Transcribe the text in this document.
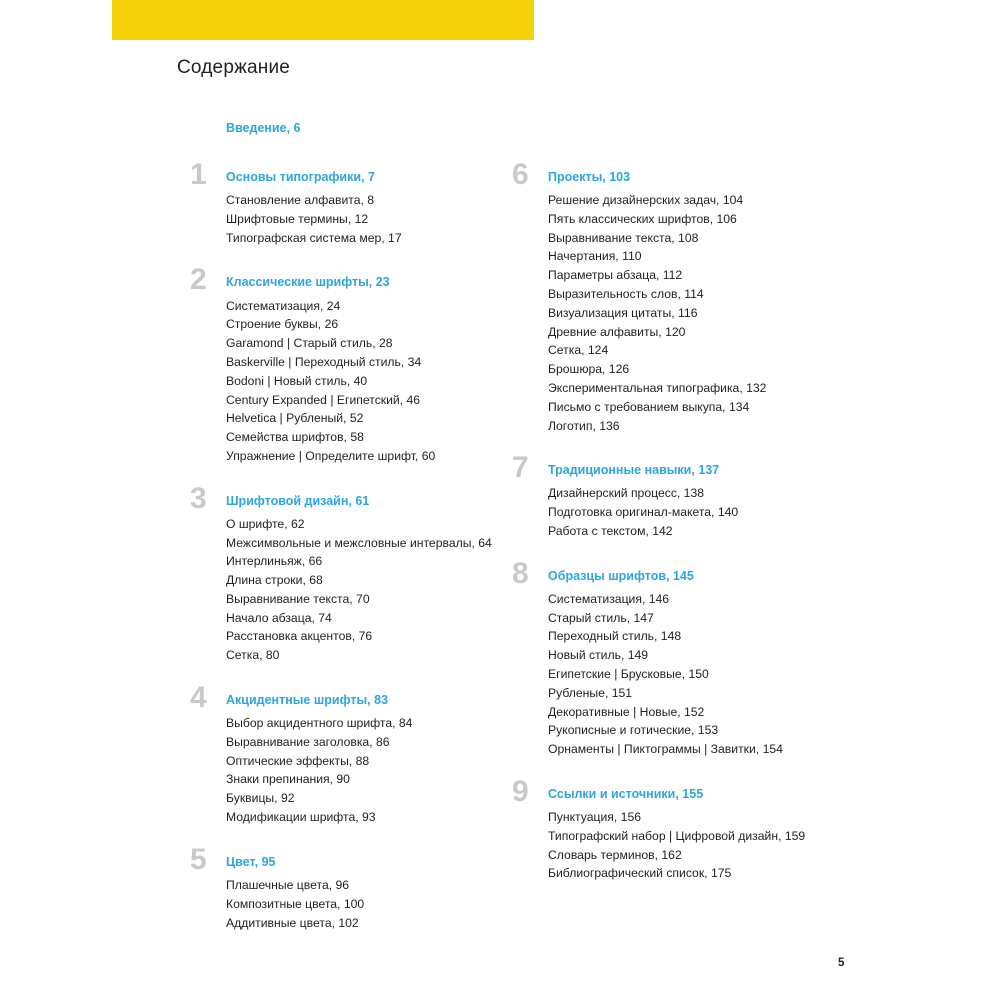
Содержание
Введение, 6
1	Основы типографики, 7
Становление алфавита, 8
Шрифтовые термины, 12
Типографская система мер, 17
2	Классические шрифты, 23
Систематизация, 24
Строение буквы, 26
Garamond | Старый стиль, 28
Baskerville | Переходный стиль, 34
Bodoni | Новый стиль, 40
Century Expanded | Египетский, 46
Helvetica | Рубленый, 52
Семейства шрифтов, 58
Упражнение | Определите шрифт, 60
3	Шрифтовой дизайн, 61
О шрифте, 62
Межсимвольные и межсловные интервалы, 64
Интерлиньяж, 66
Длина строки, 68
Выравнивание текста, 70
Начало абзаца, 74
Расстановка акцентов, 76
Сетка, 80
4	Акцидентные шрифты, 83
Выбор акцидентного шрифта, 84
Выравнивание заголовка, 86
Оптические эффекты, 88
Знаки препинания, 90
Буквицы, 92
Модификации шрифта, 93
5	Цвет, 95
Плашечные цвета, 96
Композитные цвета, 100
Аддитивные цвета, 102
6	Проекты, 103
Решение дизайнерских задач, 104
Пять классических шрифтов, 106
Выравнивание текста, 108
Начертания, 110
Параметры абзаца, 112
Выразительность слов, 114
Визуализация цитаты, 116
Древние алфавиты, 120
Сетка, 124
Брошюра, 126
Экспериментальная типографика, 132
Письмо с требованием выкупа, 134
Логотип, 136
7	Традиционные навыки, 137
Дизайнерский процесс, 138
Подготовка оригинал-макета, 140
Работа с текстом, 142
8	Образцы шрифтов, 145
Систематизация, 146
Старый стиль, 147
Переходный стиль, 148
Новый стиль, 149
Египетские | Брусковые, 150
Рубленые, 151
Декоративные | Новые, 152
Рукописные и готические, 153
Орнаменты | Пиктограммы | Завитки, 154
9	Ссылки и источники, 155
Пунктуация, 156
Типографский набор | Цифровой дизайн, 159
Словарь терминов, 162
Библиографический список, 175
5
